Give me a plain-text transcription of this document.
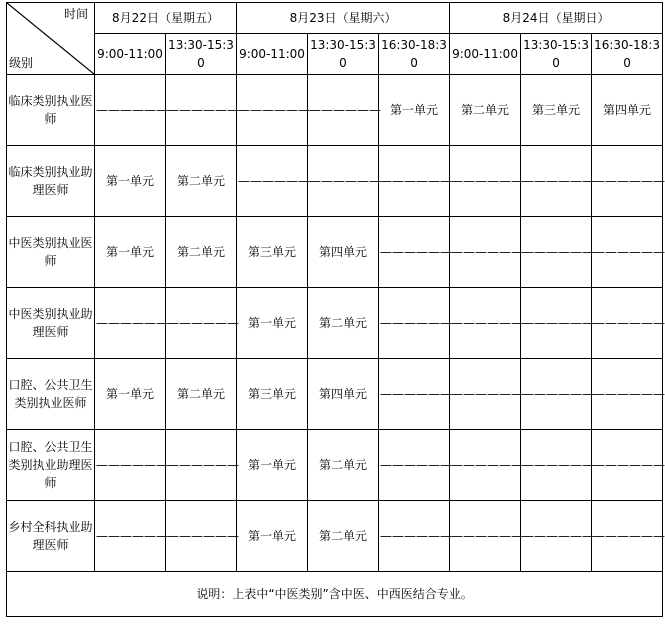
时间
级别	8月22日（星期五）		8月23日（星期六）			8月24日（星期日）		
	9:00-11:00	13:30-15:30	9:00-11:00	13:30-15:30	16:30-18:30	9:00-11:00	13:30-15:30	16:30-18:30
临床类别执业医师	——————	——————	——————	——————	第一单元	第二单元	第三单元	第四单元
临床类别执业助理医师	第一单元	第二单元	——————	——————	——————	——————	——————	——————
中医类别执业医师	第一单元	第二单元	第三单元	第四单元	——————	——————	——————	——————
中医类别执业助理医师	——————	——————	第一单元	第二单元	——————	——————	——————	——————
口腔、公共卫生类别执业医师	第一单元	第二单元	第三单元	第四单元	——————	——————	——————	——————
口腔、公共卫生类别执业助理医师	——————	——————	第一单元	第二单元	——————	——————	——————	——————
乡村全科执业助理医师	——————	——————	第一单元	第二单元	——————	——————	——————	——————
说明：上表中“中医类别”含中医、中西医结合专业。								
